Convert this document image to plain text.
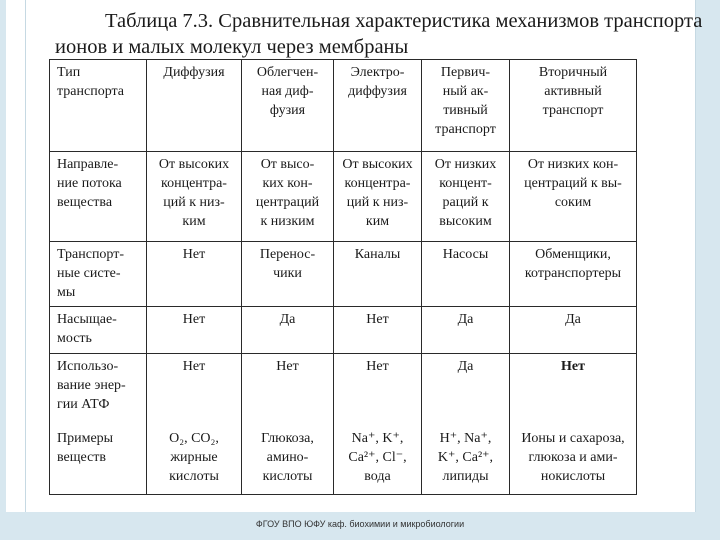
Таблица 7.3. Сравнительная характеристика механизмов транспорта
ионов и малых молекул через мембраны
Тип
транспорта	Диффузия	Облегчен-
ная диф-
фузия	Электро-
диффузия	Первич-
ный ак-
тивный
транспорт	Вторичный
активный
транспорт
Направле-
ние потока
вещества	От высоких
концентра-
ций к низ-
ким	От высо-
ких кон-
центраций
к низким	От высоких
концентра-
ций к низ-
ким	От низких
концент-
раций к
высоким	От низких кон-
центраций к вы-
соким
Транспорт-
ные систе-
мы	Нет	Перенос-
чики	Каналы	Насосы	Обменщики,
котранспортеры
Насыщае-
мость	Нет	Да	Нет	Да	Да
Использо-
вание энер-
гии АТФ	Нет	Нет	Нет	Да	Нет
Примеры
веществ	O₂, CO₂,
жирные
кислоты	Глюкоза,
амино-
кислоты	Na⁺, K⁺,
Ca²⁺, Cl⁻,
вода	H⁺, Na⁺,
K⁺, Ca²⁺,
липиды	Ионы и сахароза,
глюкоза и ами-
нокислоты
ФГОУ ВПО ЮФУ каф. биохимии и микробиологии
